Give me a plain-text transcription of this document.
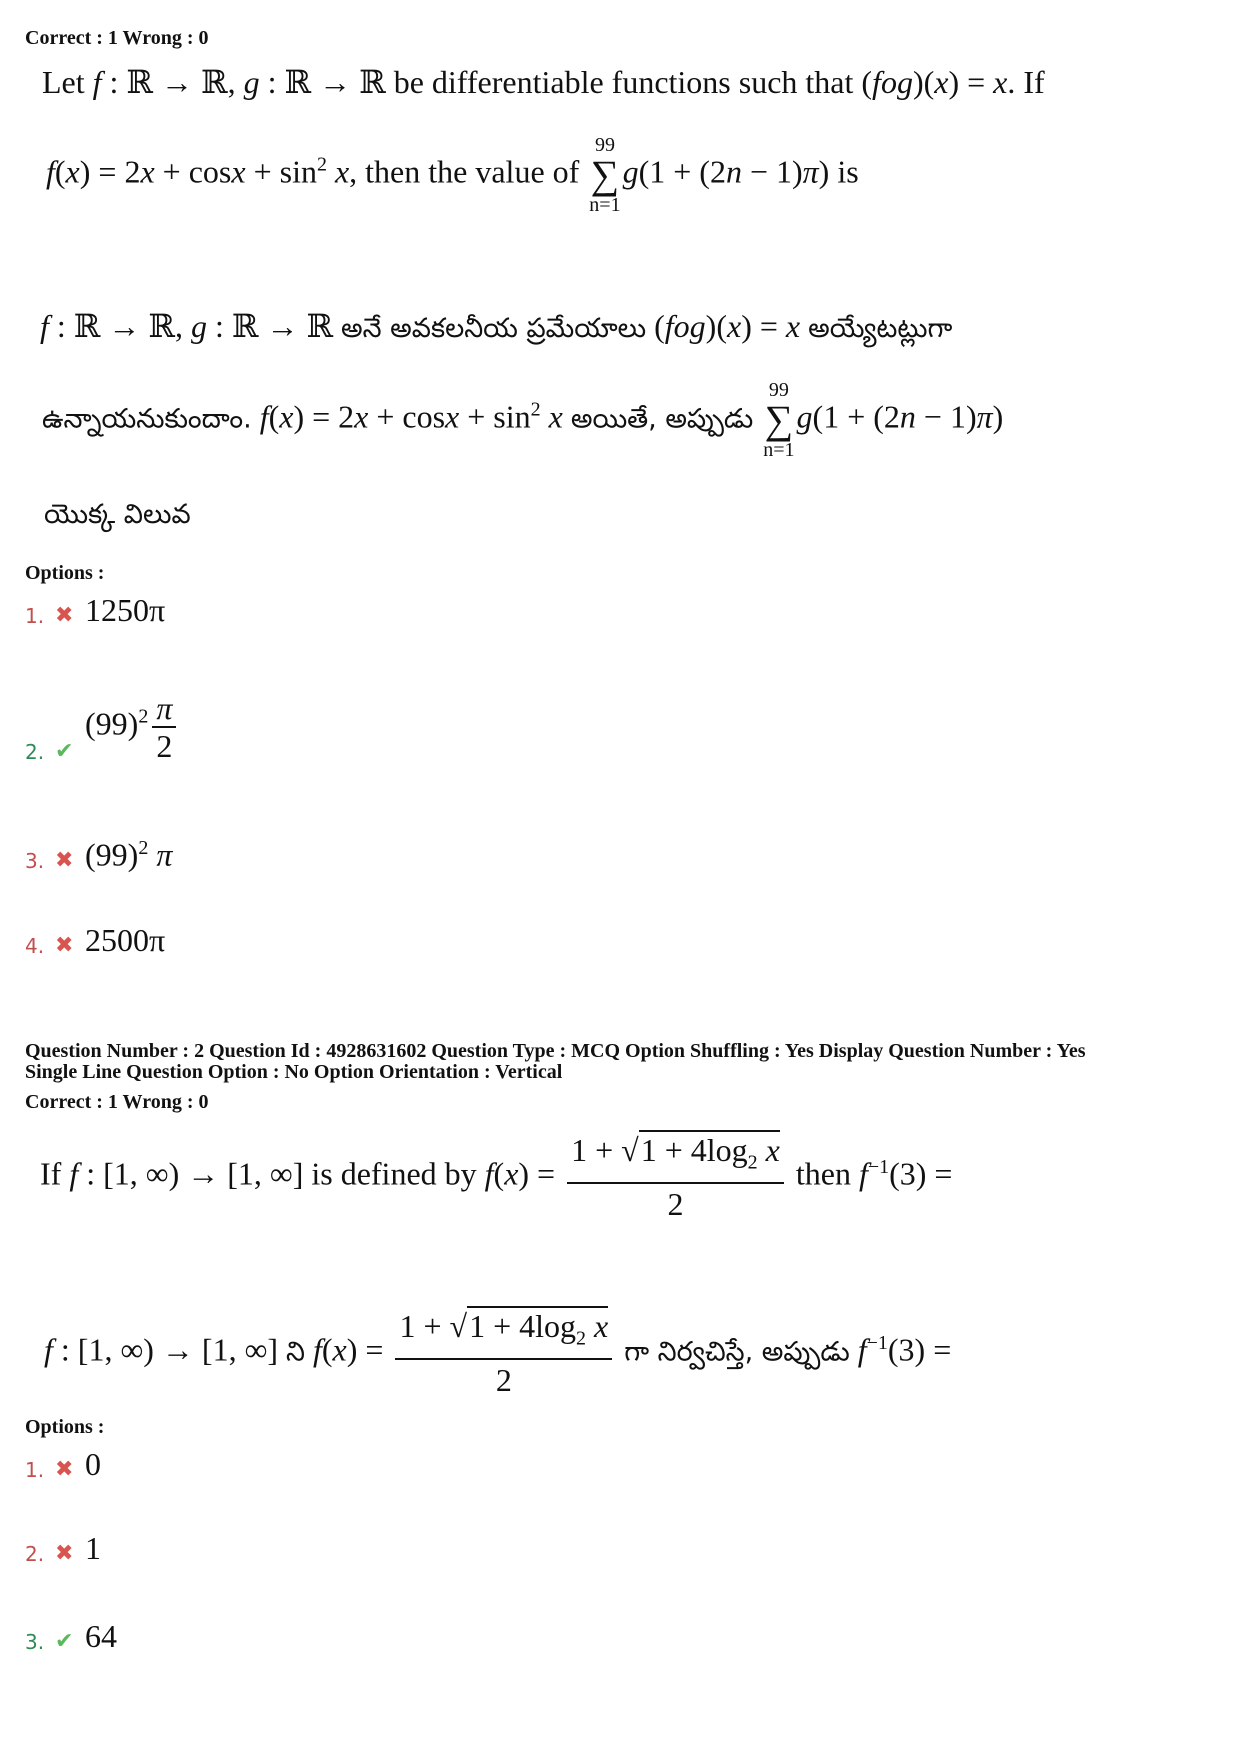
Correct : 1 Wrong : 0
Let f : ℝ → ℝ, g : ℝ → ℝ be differentiable functions such that (fog)(x) = x. If
$f(x) = 2x + \cos x + \sin^2 x$, then the value of
99
∑
n=1
g(1 + (2n − 1)π) is
f : ℝ → ℝ, g : ℝ → ℝ అనే అవకలనీయ ప్రమేయాలు (fog)(x) = x అయ్యేటట్లుగా
ఉన్నాయనుకుందాం. $f(x) = 2x + \cos x + \sin^2 x$ అయితే, అప్పుడు
99
∑
n=1
g(1 + (2n − 1)π)
యొక్క విలువ
Options :
1. ✖ 1250π
2. ✔
$(99)^2 \frac{\pi}{2}$
3. ✖ $(99)^2$ π
4. ✖ 2500π
Question Number : 2 Question Id : 4928631602 Question Type : MCQ Option Shuffling : Yes Display Question Number : Yes
Single Line Question Option : No Option Orientation : Vertical
Correct : 1 Wrong : 0
If f : [1, ∞) → [1, ∞] is defined by $f(x) = \frac{1 + √1 + 4\log_2 x}{2}$ then $f^{-1}(3)$ =
f : [1, ∞) → [1, ∞] ని $f(x) = \frac{1 + √1 + 4\log_2 x}{2}$ గా నిర్వచిస్తే, అప్పుడు $f^{-1}(3)$ =
Options :
1. ✖ 0
2. ✖ 1
3. ✔ 64
